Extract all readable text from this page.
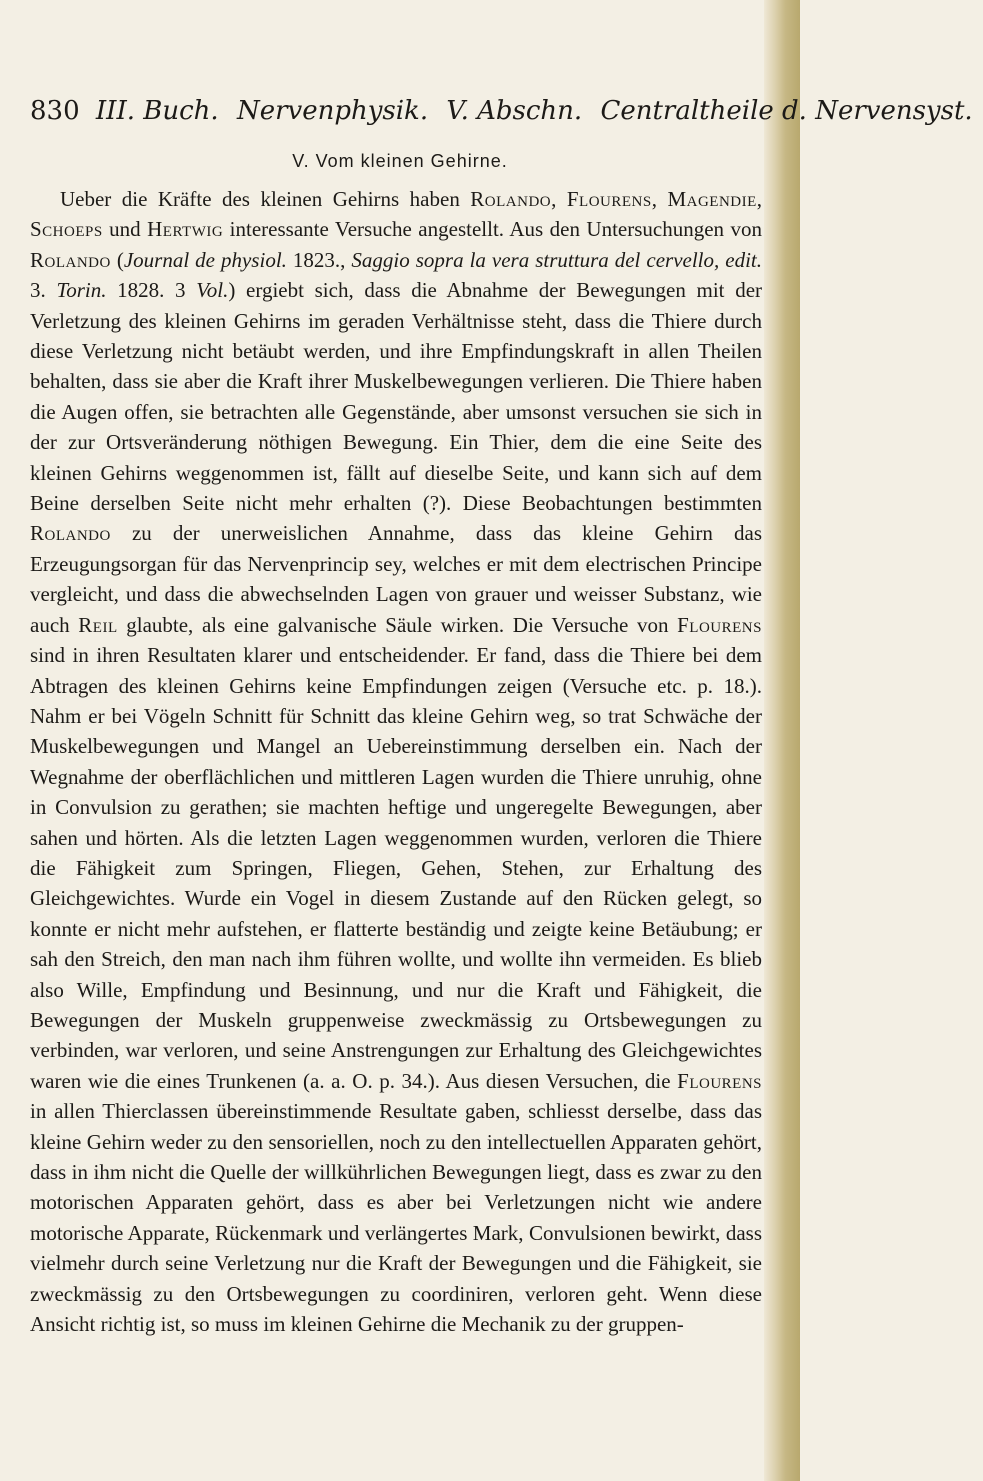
830 III. Buch. Nervenphysik. V. Abschn. Centraltheile d. Nervensyst.
V. Vom kleinen Gehirne.

Ueber die Kräfte des kleinen Gehirns haben Rolando, Flourens, Magendie, Schoeps und Hertwig interessante Versuche angestellt. Aus den Untersuchungen von Rolando (Journal de physiol. 1823., Saggio sopra la vera struttura del cervello, edit. 3. Torin. 1828. 3 Vol.) ergiebt sich, dass die Abnahme der Bewegungen mit der Verletzung des kleinen Gehirns im geraden Verhältnisse steht, dass die Thiere durch diese Verletzung nicht betäubt werden, und ihre Empfindungskraft in allen Theilen behalten, dass sie aber die Kraft ihrer Muskelbewegungen verlieren. Die Thiere haben die Augen offen, sie betrachten alle Gegenstände, aber umsonst versuchen sie sich in der zur Ortsveränderung nöthigen Bewegung. Ein Thier, dem die eine Seite des kleinen Gehirns weggenommen ist, fällt auf dieselbe Seite, und kann sich auf dem Beine derselben Seite nicht mehr erhalten (?). Diese Beobachtungen bestimmten Rolando zu der unerweislichen Annahme, dass das kleine Gehirn das Erzeugungsorgan für das Nervenprincip sey, welches er mit dem electrischen Principe vergleicht, und dass die abwechselnden Lagen von grauer und weisser Substanz, wie auch Reil glaubte, als eine galvanische Säule wirken. Die Versuche von Flourens sind in ihren Resultaten klarer und entscheidender. Er fand, dass die Thiere bei dem Abtragen des kleinen Gehirns keine Empfindungen zeigen (Versuche etc. p. 18.). Nahm er bei Vögeln Schnitt für Schnitt das kleine Gehirn weg, so trat Schwäche der Muskelbewegungen und Mangel an Uebereinstimmung derselben ein. Nach der Wegnahme der oberflächlichen und mittleren Lagen wurden die Thiere unruhig, ohne in Convulsion zu gerathen; sie machten heftige und ungeregelte Bewegungen, aber sahen und hörten. Als die letzten Lagen weggenommen wurden, verloren die Thiere die Fähigkeit zum Springen, Fliegen, Gehen, Stehen, zur Erhaltung des Gleichgewichtes. Wurde ein Vogel in diesem Zustande auf den Rücken gelegt, so konnte er nicht mehr aufstehen, er flatterte beständig und zeigte keine Betäubung; er sah den Streich, den man nach ihm führen wollte, und wollte ihn vermeiden. Es blieb also Wille, Empfindung und Besinnung, und nur die Kraft und Fähigkeit, die Bewegungen der Muskeln gruppenweise zweckmässig zu Ortsbewegungen zu verbinden, war verloren, und seine Anstrengungen zur Erhaltung des Gleichgewichtes waren wie die eines Trunkenen (a. a. O. p. 34.). Aus diesen Versuchen, die Flourens in allen Thierclassen übereinstimmende Resultate gaben, schliesst derselbe, dass das kleine Gehirn weder zu den sensoriellen, noch zu den intellectuellen Apparaten gehört, dass in ihm nicht die Quelle der willkührlichen Bewegungen liegt, dass es zwar zu den motorischen Apparaten gehört, dass es aber bei Verletzungen nicht wie andere motorische Apparate, Rückenmark und verlängertes Mark, Convulsionen bewirkt, dass vielmehr durch seine Verletzung nur die Kraft der Bewegungen und die Fähigkeit, sie zweckmässig zu den Ortsbewegungen zu coordiniren, verloren geht. Wenn diese Ansicht richtig ist, so muss im kleinen Gehirne die Mechanik zu der gruppen-
